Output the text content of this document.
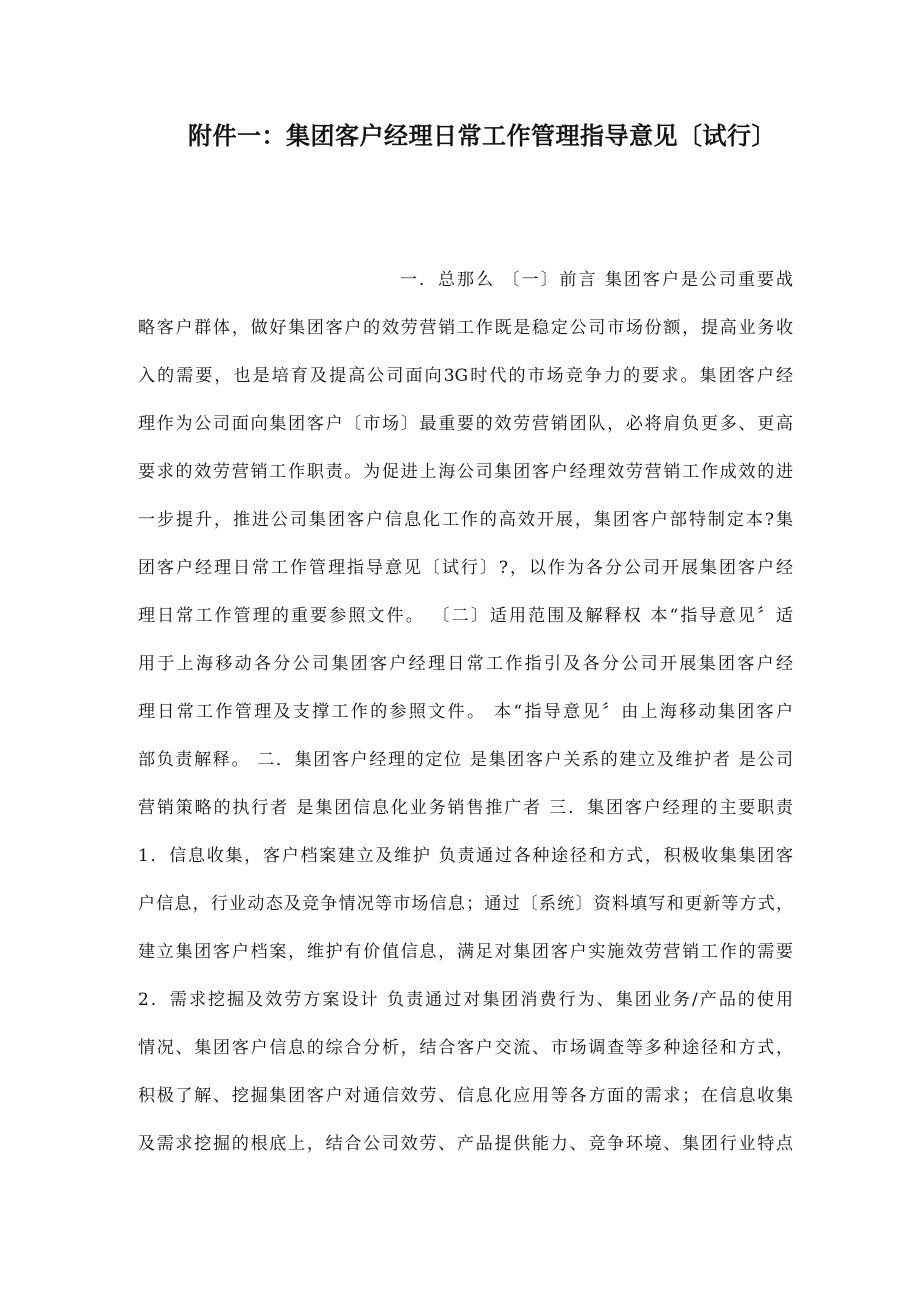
附件一：集团客户经理日常工作管理指导意见〔试行〕
一．总那么 〔一〕前言 集团客户是公司重要战
略客户群体，做好集团客户的效劳营销工作既是稳定公司市场份额，提高业务收
入的需要，也是培育及提高公司面向3G时代的市场竞争力的要求。集团客户经
理作为公司面向集团客户〔市场〕最重要的效劳营销团队，必将肩负更多、更高
要求的效劳营销工作职责。为促进上海公司集团客户经理效劳营销工作成效的进
一步提升，推进公司集团客户信息化工作的高效开展，集团客户部特制定本?集
团客户经理日常工作管理指导意见〔试行〕?，以作为各分公司开展集团客户经
理日常工作管理的重要参照文件。 〔二〕适用范围及解释权 本“指导意见〞适
用于上海移动各分公司集团客户经理日常工作指引及各分公司开展集团客户经
理日常工作管理及支撑工作的参照文件。 本“指导意见〞由上海移动集团客户
部负责解释。 二．集团客户经理的定位 是集团客户关系的建立及维护者 是公司
营销策略的执行者 是集团信息化业务销售推广者 三．集团客户经理的主要职责
1．信息收集，客户档案建立及维护 负责通过各种途径和方式，积极收集集团客
户信息，行业动态及竞争情况等市场信息；通过〔系统〕资料填写和更新等方式，
建立集团客户档案，维护有价值信息，满足对集团客户实施效劳营销工作的需要
2．需求挖掘及效劳方案设计 负责通过对集团消费行为、集团业务/产品的使用
情况、集团客户信息的综合分析，结合客户交流、市场调查等多种途径和方式，
积极了解、挖掘集团客户对通信效劳、信息化应用等各方面的需求；在信息收集
及需求挖掘的根底上，结合公司效劳、产品提供能力、竞争环境、集团行业特点
